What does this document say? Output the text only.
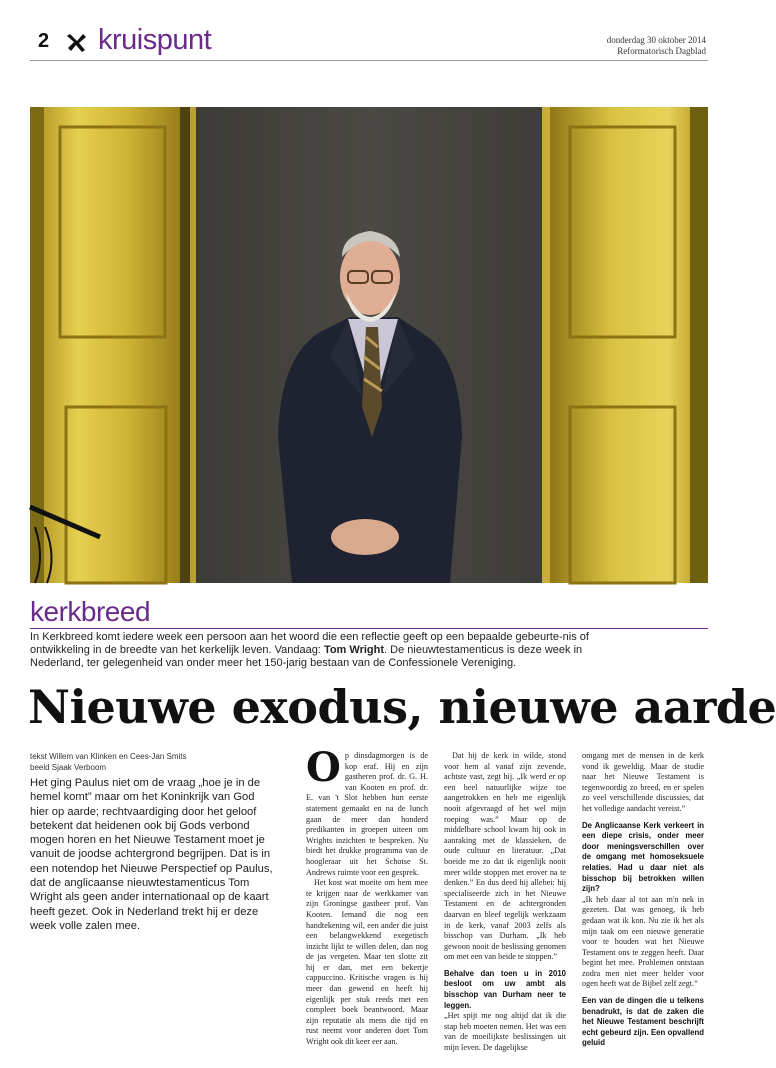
2 kruispunt	donderdag 30 oktober 2014
Reformatorisch Dagblad
kerkbreed
In Kerkbreed komt iedere week een persoon aan het woord die een reflectie geeft op een bepaalde gebeurte-nis of ontwikkeling in de breedte van het kerkelijk leven. Vandaag: Tom Wright. De nieuwtestamenticus is deze week in Nederland, ter gelegenheid van onder meer het 150-jarig bestaan van de Confessionele Vereniging.
Nieuwe exodus, nieuwe aarde
tekst Willem van Klinken en Cees-Jan Smits
beeld Sjaak Verboom
Het ging Paulus niet om de vraag „hoe je in de hemel komt” maar om het Koninkrijk van God hier op aarde; rechtvaardiging door het geloof betekent dat heidenen ook bij Gods verbond mogen horen en het Nieuwe Testament moet je vanuit de joodse achtergrond begrijpen. Dat is in een notendop het Nieuwe Perspectief op Paulus, dat de anglicaanse nieuwtestamenticus Tom Wright als geen ander internationaal op de kaart heeft gezet. Ook in Nederland trekt hij er deze week volle zalen mee.
O p dinsdagmorgen is de kop eraf. Hij en zijn gastheren prof. dr. G. H. van Kooten en prof. dr. E. van 't Slot hebben hun eerste statement gemaakt en na de lunch gaan de meer dan honderd predikanten in groepen uiteen om Wrights inzichten te bespreken. Nu biedt het drukke programma van de hoogleraar uit het Schotse St. Andrews ruimte voor een gesprek.

Het kost wat moeite om hem mee te krijgen naar de werkkamer van zijn Groningse gastheer prof. Van Kooten. Iemand die nog een handtekening wil, een ander die juist een belangwekkend exegetisch inzicht lijkt te willen delen, dan nog de jas vergeten. Maar ten slotte zit hij er dan, met een bekertje cappuccino. Kritische vragen is hij meer dan gewend en heeft hij eigenlijk per stuk reeds met een compleet boek beantwoord. Maar zijn reputatie als mens die tijd en rust neemt voor anderen doet Tom Wright ook dit keer eer aan.

Dat hij de kerk in wilde, stond voor hem al vanaf zijn zevende, achtste vast, zegt hij. „Ik werd er op een heel natuurlijke wijze toe aangetrokken en heb me eigenlijk nooit afgevraagd of het wel mijn roeping was.” Maar op de middelbare school kwam hij ook in aanraking met de klassieken, de oude cultuur en literatuur. „Dat boeide me zo dat ik eigenlijk nooit meer wilde stoppen met erover na te denken.” En dus deed hij allebei: hij specialiseerde zich in het Nieuwe Testament en de achtergronden daarvan en bleef tegelijk werkzaam in de kerk, vanaf 2003 zelfs als bisschop van Durham. „Ik heb gewoon nooit de beslissing genomen om met een van beide te stoppen.”

Behalve dan toen u in 2010 besloot om uw ambt als bisschop van Durham neer te leggen.

„Het spijt me nog altijd dat ik die stap heb moeten nemen. Het was een van de moeilijkste beslissingen uit mijn leven. De dagelijkse

omgang met de mensen in de kerk vond ik geweldig. Maar de studie naar het Nieuwe Testament is tegenwoordig zo breed, en er spelen zo veel verschillende discussies, dat het volledige aandacht vereist.”

De Anglicaanse Kerk verkeert in een diepe crisis, onder meer door meningsverschillen over de omgang met homoseksuele relaties. Had u daar niet als bisschop bij betrokken willen zijn?

„Ik heb daar al tot aan m'n nek in gezeten. Dat was genoeg, ik heb gedaan wat ik kon. Nu zie ik het als mijn taak om een nieuwe generatie voor te houden wat het Nieuwe Testament ons te zeggen heeft. Daar begint het mee. Problemen ontstaan zodra men niet meer helder voor ogen heeft wat de Bijbel zelf zegt.”

Een van de dingen die u telkens benadrukt, is dat de zaken die het Nieuwe Testament beschrijft echt gebeurd zijn. Een opvallend geluid
